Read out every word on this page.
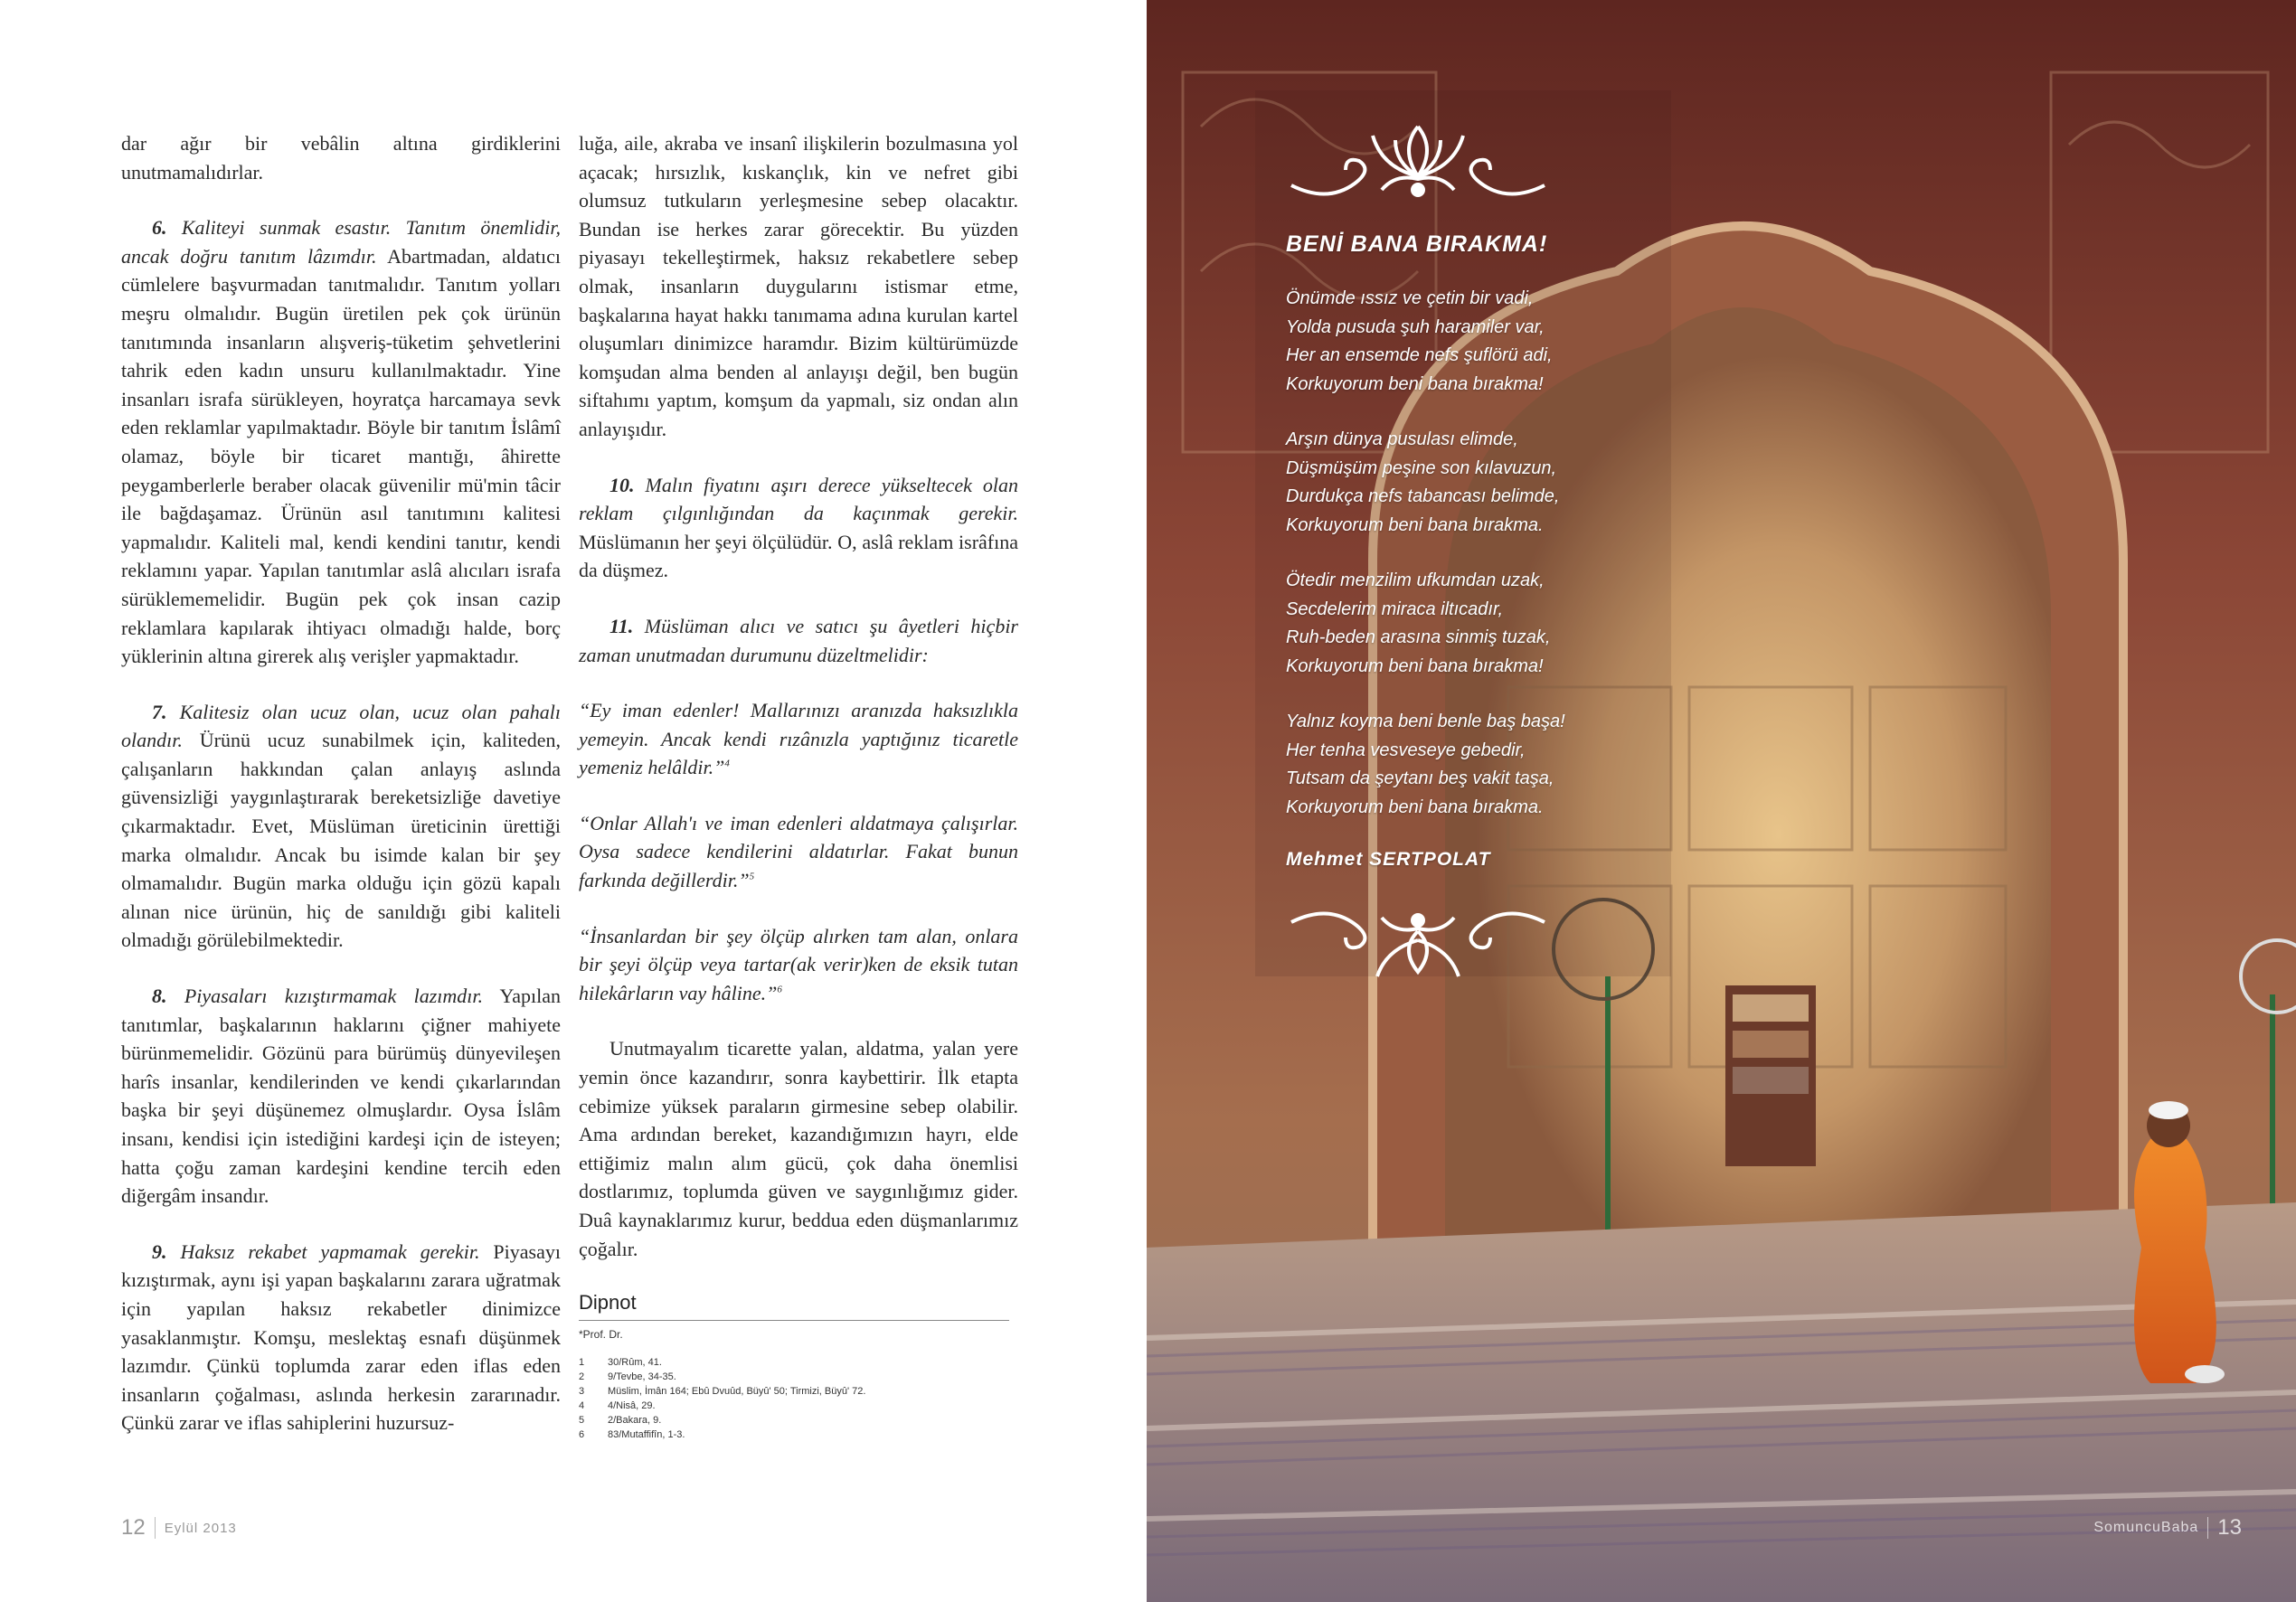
dar ağır bir vebâlin altına girdiklerini unutmamalıdırlar.

6. Kaliteyi sunmak esastır. Tanıtım önemlidir, ancak doğru tanıtım lâzımdır. Abartmadan, aldatıcı cümlelere başvurmadan tanıtmalıdır. Tanıtım yolları meşru olmalıdır. Bugün üretilen pek çok ürünün tanıtımında insanların alışveriş-tüketim şehvetlerini tahrik eden kadın unsuru kullanılmaktadır. Yine insanları israfa sürükleyen, hoyratça harcamaya sevk eden reklamlar yapılmaktadır. Böyle bir tanıtım İslâmî olamaz, böyle bir ticaret mantığı, âhirette peygamberlerle beraber olacak güvenilir mü'min tâcir ile bağdaşamaz. Ürünün asıl tanıtımını kalitesi yapmalıdır. Kaliteli mal, kendi kendini tanıtır, kendi reklamını yapar. Yapılan tanıtımlar aslâ alıcıları israfa sürüklememelidir. Bugün pek çok insan cazip reklamlara kapılarak ihtiyacı olmadığı halde, borç yüklerinin altına girerek alış verişler yapmaktadır.

7. Kalitesiz olan ucuz olan, ucuz olan pahalı olandır. Ürünü ucuz sunabilmek için, kaliteden, çalışanların hakkından çalan anlayış aslında güvensizliği yaygınlaştırarak bereketsizliğe davetiye çıkarmaktadır. Evet, Müslüman üreticinin ürettiği marka olmalıdır. Ancak bu isimde kalan bir şey olmamalıdır. Bugün marka olduğu için gözü kapalı alınan nice ürünün, hiç de sanıldığı gibi kaliteli olmadığı görülebilmektedir.

8. Piyasaları kızıştırmamak lazımdır. Yapılan tanıtımlar, başkalarının haklarını çiğner mahiyete bürünmemelidir. Gözünü para bürümüş dünyevileşen harîs insanlar, kendilerinden ve kendi çıkarlarından başka bir şeyi düşünemez olmuşlardır. Oysa İslâm insanı, kendisi için istediğini kardeşi için de isteyen; hatta çoğu zaman kardeşini kendine tercih eden diğergâm insandır.

9. Haksız rekabet yapmamak gerekir. Piyasayı kızıştırmak, aynı işi yapan başkalarını zarara uğratmak için yapılan haksız rekabetler dinimizce yasaklanmıştır. Komşu, meslektaş esnafı düşünmek lazımdır. Çünkü toplumda zarar eden iflas eden insanların çoğalması, aslında herkesin zararınadır. Çünkü zarar ve iflas sahiplerini huzursuz-

luğa, aile, akraba ve insanî ilişkilerin bozulmasına yol açacak; hırsızlık, kıskançlık, kin ve nefret gibi olumsuz tutkuların yerleşmesine sebep olacaktır. Bundan ise herkes zarar görecektir. Bu yüzden piyasayı tekelleştirmek, haksız rekabetlere sebep olmak, insanların duygularını istismar etme, başkalarına hayat hakkı tanımama adına kurulan kartel oluşumları dinimizce haramdır. Bizim kültürümüzde komşudan alma benden al anlayışı değil, ben bugün siftahımı yaptım, komşum da yapmalı, siz ondan alın anlayışıdır.

10. Malın fiyatını aşırı derece yükseltecek olan reklam çılgınlığından da kaçınmak gerekir. Müslümanın her şeyi ölçülüdür. O, aslâ reklam isrâfına da düşmez.

11. Müslüman alıcı ve satıcı şu âyetleri hiçbir zaman unutmadan durumunu düzeltmelidir:

“Ey iman edenler! Mallarınızı aranızda haksızlıkla yemeyin. Ancak kendi rızânızla yaptığınız ticaretle yemeniz helâldir.”$^4$

“Onlar Allah'ı ve iman edenleri aldatmaya çalışırlar. Oysa sadece kendilerini aldatırlar. Fakat bunun farkında değillerdir.”$^5$

“İnsanlardan bir şey ölçüp alırken tam alan, onlara bir şeyi ölçüp veya tartar(ak verir)ken de eksik tutan hilekârların vay hâline.”$^6$

Unutmayalım ticarette yalan, aldatma, yalan yere yemin önce kazandırır, sonra kaybettirir. İlk etapta cebimize yüksek paraların girmesine sebep olabilir. Ama ardından bereket, kazandığımızın hayrı, elde ettiğimiz malın alım gücü, çok daha önemlisi dostlarımız, toplumda güven ve saygınlığımız gider. Duâ kaynaklarımız kurur, beddua eden düşmanlarımız çoğalır.

Dipnot
*Prof. Dr.
1	30/Rûm, 41.
2	9/Tevbe, 34-35.
3	Müslim, İmân 164; Ebû Dvuûd, Büyû' 50; Tirmizi, Büyû' 72.
4	4/Nisâ, 29.
5	2/Bakara, 9.
6	83/Mutaffifîn, 1-3.
12 Eylül 2013
BENİ BANA BIRAKMA!
Önümde ıssız ve çetin bir vadi,
Yolda pusuda şuh haramiler var,
Her an ensemde nefs şuflörü adi,
Korkuyorum beni bana bırakma!
Arşın dünya pusulası elimde,
Düşmüşüm peşine son kılavuzun,
Durdukça nefs tabancası belimde,
Korkuyorum beni bana bırakma.
Ötedir menzilim ufkumdan uzak,
Secdelerim miraca iltıcadır,
Ruh-beden arasına sinmiş tuzak,
Korkuyorum beni bana bırakma!
Yalnız koyma beni benle baş başa!
Her tenha vesveseye gebedir,
Tutsam da şeytanı beş vakit taşa,
Korkuyorum beni bana bırakma.
Mehmet SERTPOLAT
SomuncuBaba 13
